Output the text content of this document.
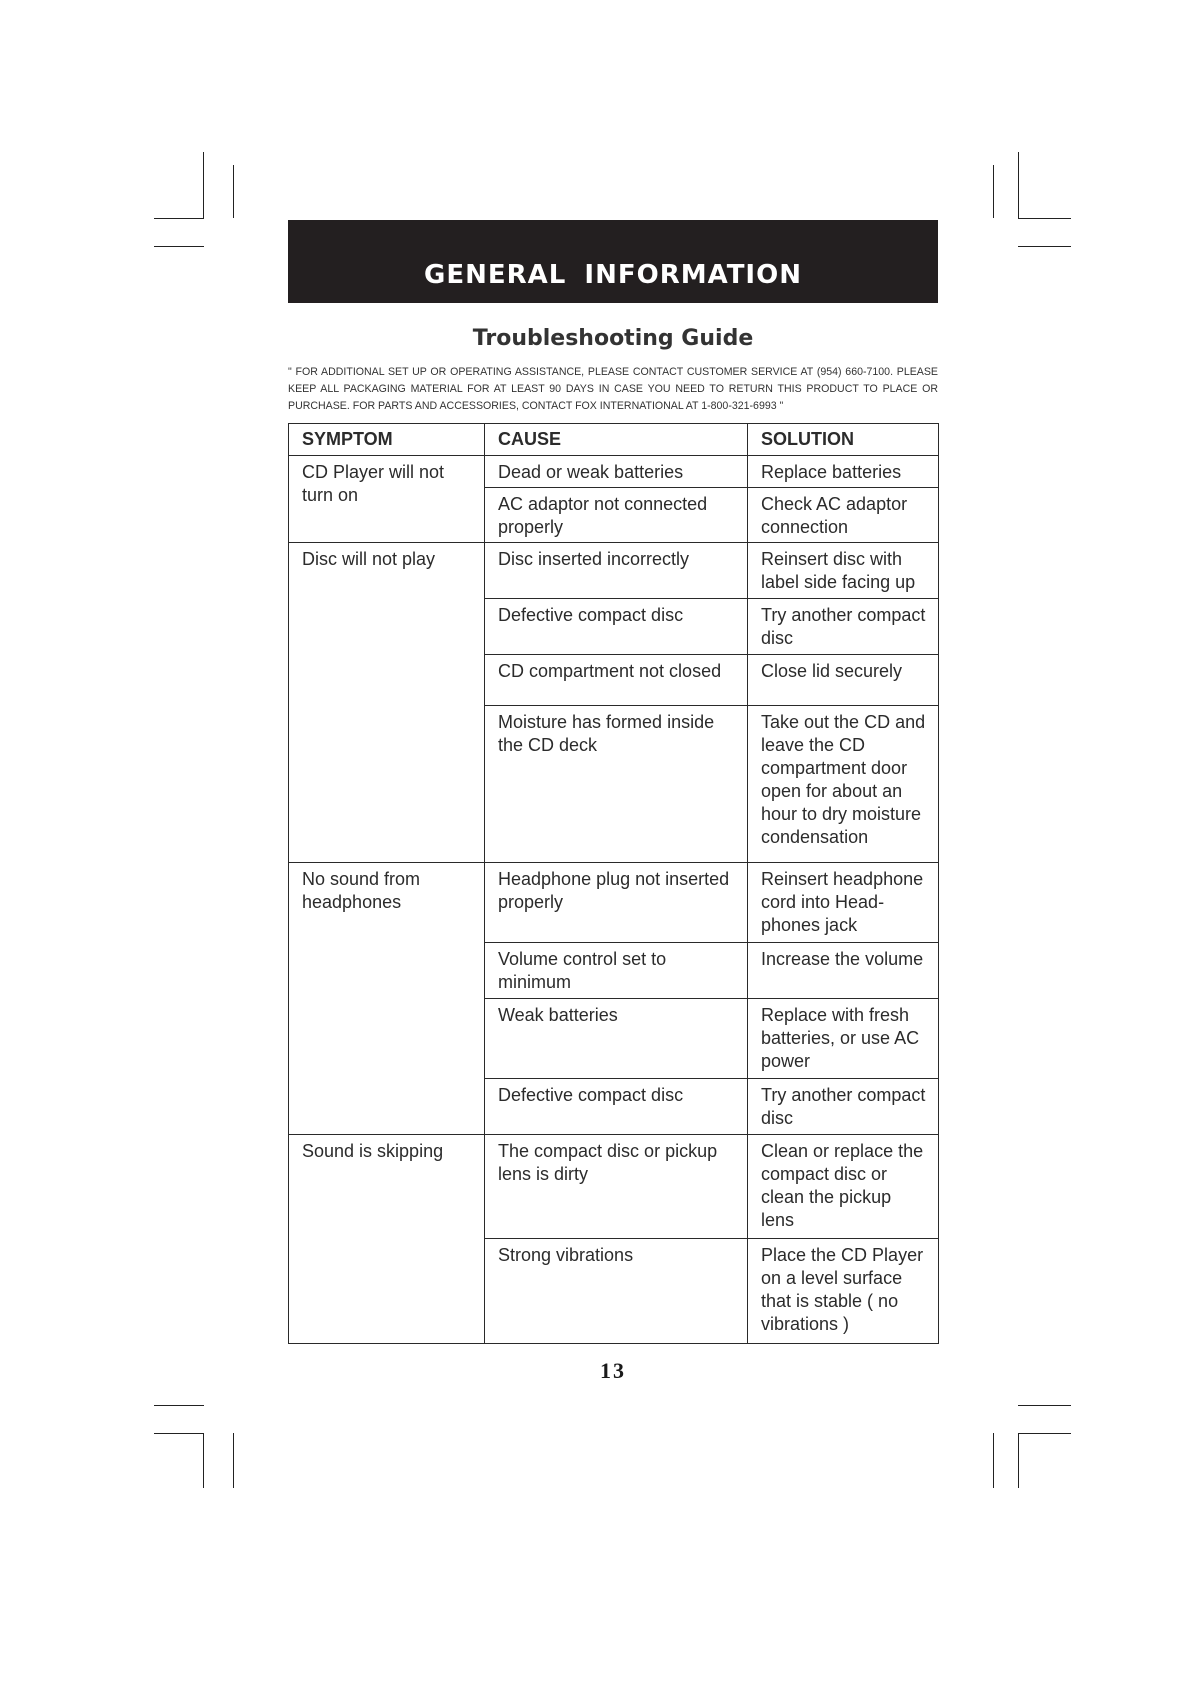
GENERAL INFORMATION
Troubleshooting Guide
" FOR ADDITIONAL SET UP OR OPERATING ASSISTANCE, PLEASE CONTACT CUSTOMER SERVICE AT (954) 660-7100. PLEASE KEEP ALL PACKAGING MATERIAL FOR AT LEAST 90 DAYS IN CASE YOU NEED TO RETURN THIS PRODUCT TO PLACE OR PURCHASE. FOR PARTS AND ACCESSORIES, CONTACT FOX INTERNATIONAL AT 1-800-321-6993 "
SYMPTOM	CAUSE	SOLUTION
CD Player will not turn on	Dead or weak batteries	Replace batteries
	AC adaptor not connected properly	Check AC adaptor connection
Disc will not play	Disc inserted incorrectly	Reinsert disc with label side facing up
	Defective compact disc	Try another compact disc
	CD compartment not closed	Close lid securely
	Moisture has formed inside the CD deck	Take out the CD and leave the CD compartment door open for about an hour to dry moisture condensation
No sound from headphones	Headphone plug not inserted properly	Reinsert headphone cord into Head-phones jack
	Volume control set to minimum	Increase the volume
	Weak batteries	Replace with fresh batteries, or use AC power
	Defective compact disc	Try another compact disc
Sound is skipping	The compact disc or pickup lens is dirty	Clean or replace the compact disc or clean the pickup lens
	Strong vibrations	Place the CD Player on a level surface that is stable ( no vibrations )
13
